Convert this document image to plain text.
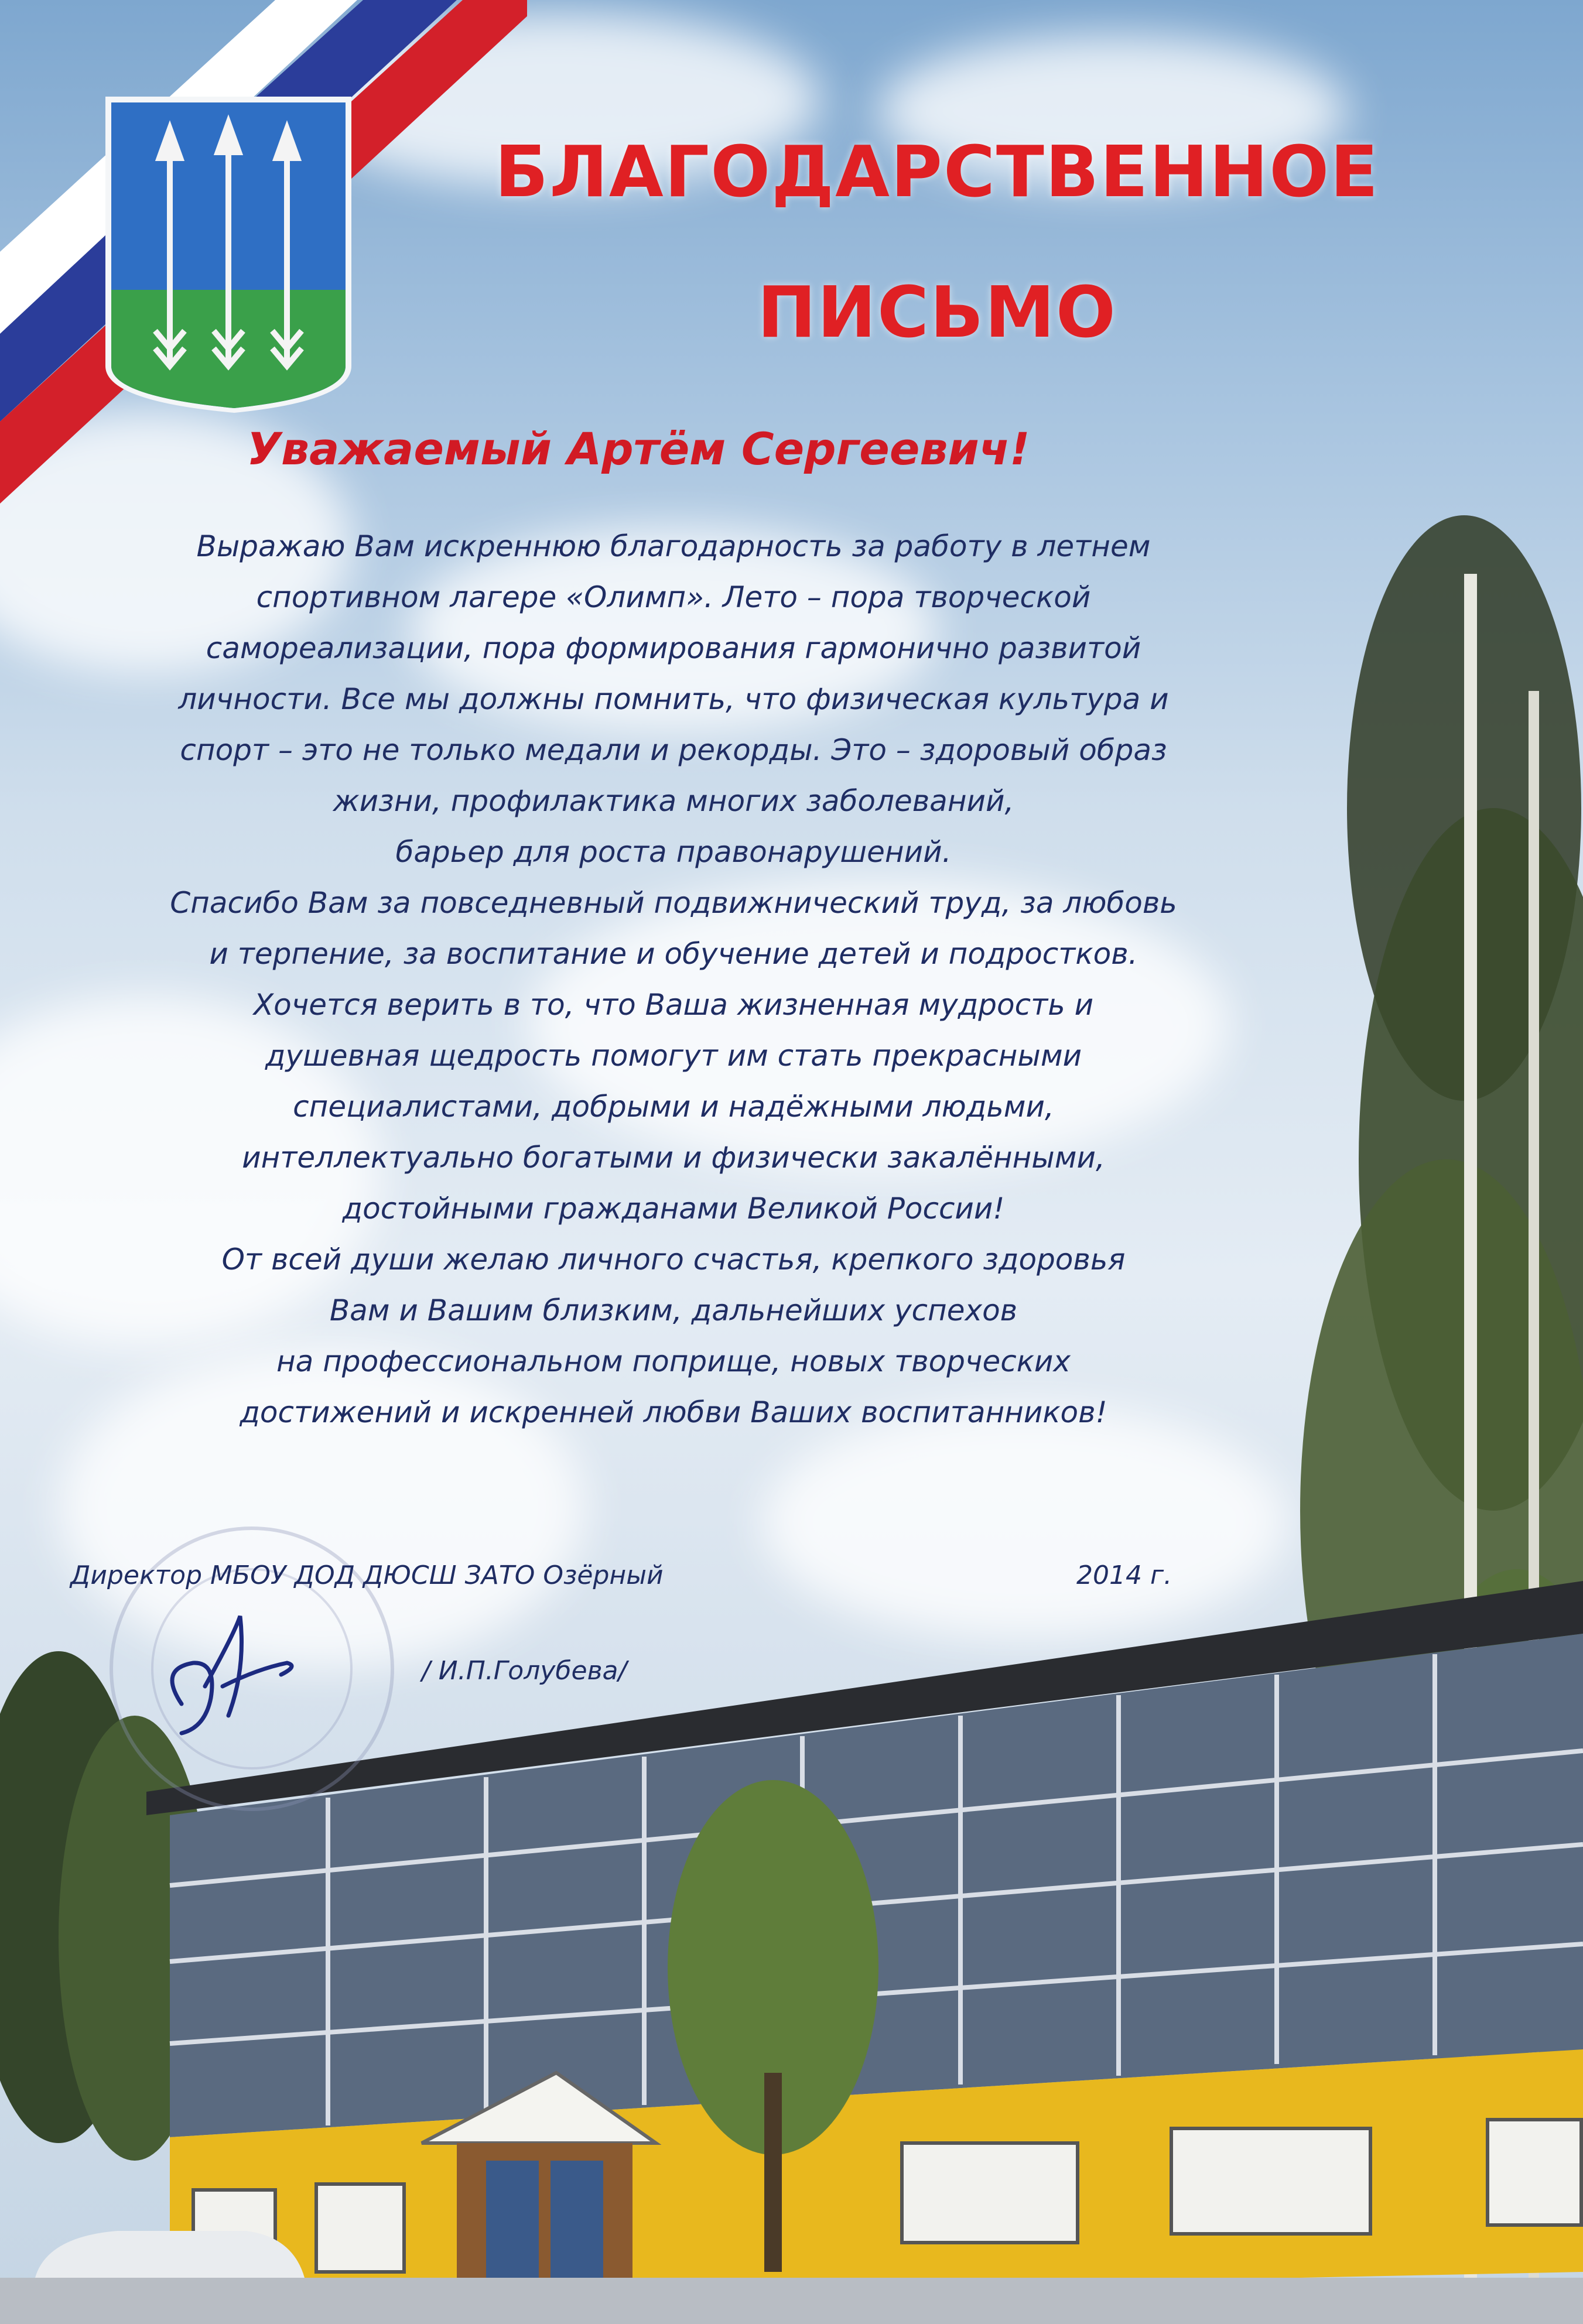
БЛАГОДАРСТВЕННОЕ
ПИСЬМО
Уважаемый Артём Сергеевич!
Выражаю Вам искреннюю благодарность за работу в летнем
спортивном лагере «Олимп». Лето – пора творческой
самореализации, пора формирования гармонично развитой
личности. Все мы должны помнить, что физическая культура и
спорт – это не только медали и рекорды. Это – здоровый образ
жизни, профилактика многих заболеваний,
барьер для роста правонарушений.
Спасибо Вам за повседневный подвижнический труд, за любовь
и терпение, за воспитание и обучение детей и подростков.
Хочется верить в то, что Ваша жизненная мудрость и
душевная щедрость помогут им стать прекрасными
специалистами, добрыми и надёжными людьми,
интеллектуально богатыми и физически закалёнными,
достойными гражданами Великой России!
От всей души желаю личного счастья, крепкого здоровья
Вам и Вашим близким, дальнейших успехов
на профессиональном поприще, новых творческих
достижений и искренней любви Ваших воспитанников!
Директор МБОУ ДОД ДЮСШ ЗАТО Озёрный	2014 г.
/ И.П.Голубева/
